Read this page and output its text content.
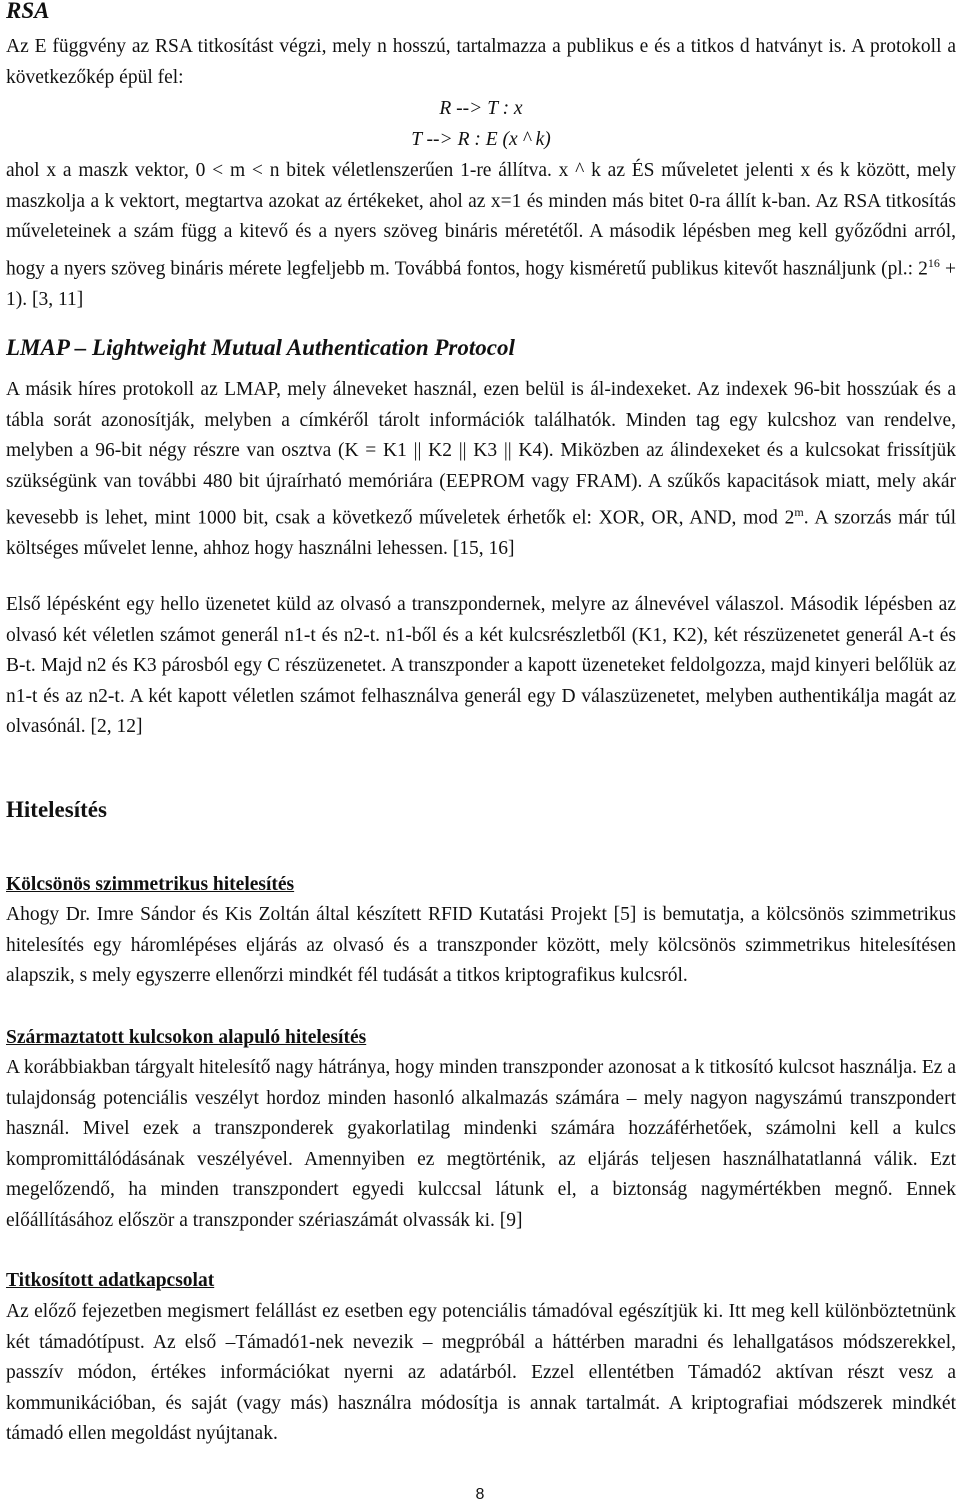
RSA

Az E függvény az RSA titkosítást végzi, mely n hosszú, tartalmazza a publikus e és a titkos d hatványt is. A protokoll a következőkép épül fel:

R --> T : x

T --> R : E (x ^ k)

ahol x a maszk vektor, 0 < m < n bitek véletlenszerűen 1-re állítva. x ^ k az ÉS műveletet jelenti x és k között, mely maszkolja a k vektort, megtartva azokat az értékeket, ahol az x=1 és minden más bitet 0-ra állít k-ban. Az RSA titkosítás műveleteinek a szám függ a kitevő és a nyers szöveg bináris méretétől. A második lépésben meg kell győződni arról, hogy a nyers szöveg bináris mérete legfeljebb m. Továbbá fontos, hogy kisméretű publikus kitevőt használjunk (pl.: $2^{16} + 1$). [3, 11]

LMAP – Lightweight Mutual Authentication Protocol

A másik híres protokoll az LMAP, mely álneveket használ, ezen belül is ál-indexeket. Az indexek 96-bit hosszúak és a tábla sorát azonosítják, melyben a címkéről tárolt információk találhatók. Minden tag egy kulcshoz van rendelve, melyben a 96-bit négy részre van osztva (K = K1 || K2 || K3 || K4). Miközben az álindexeket és a kulcsokat frissítjük szükségünk van további 480 bit újraírható memóriára (EEPROM vagy FRAM). A szűkős kapacitások miatt, mely akár kevesebb is lehet, mint 1000 bit, csak a következő műveletek érhetők el: XOR, OR, AND, mod 2$^m$. A szorzás már túl költséges művelet lenne, ahhoz hogy használni lehessen. [15, 16]

Első lépésként egy hello üzenetet küld az olvasó a transzpondernek, melyre az álnevével válaszol. Második lépésben az olvasó két véletlen számot generál n1-t és n2-t. n1-ből és a két kulcsrészletből (K1, K2), két részüzenetet generál A-t és B-t. Majd n2 és K3 párosból egy C részüzenetet. A transzponder a kapott üzeneteket feldolgozza, majd kinyeri belőlük az n1-t és az n2-t. A két kapott véletlen számot felhasználva generál egy D válaszüzenetet, melyben authentikálja magát az olvasónál. [2, 12]

Hitelesítés

Kölcsönös szimmetrikus hitelesítés

Ahogy Dr. Imre Sándor és Kis Zoltán által készített RFID Kutatási Projekt [5] is bemutatja, a kölcsönös szimmetrikus hitelesítés egy háromlépéses eljárás az olvasó és a transzponder között, mely kölcsönös szimmetrikus hitelesítésen alapszik, s mely egyszerre ellenőrzi mindkét fél tudását a titkos kriptografikus kulcsról.

Származtatott kulcsokon alapuló hitelesítés

A korábbiakban tárgyalt hitelesítő nagy hátránya, hogy minden transzponder azonosat a k titkosító kulcsot használja. Ez a tulajdonság potenciális veszélyt hordoz minden hasonló alkalmazás számára – mely nagyon nagyszámú transzpondert használ. Mivel ezek a transzponderek gyakorlatilag mindenki számára hozzáférhetőek, számolni kell a kulcs kompromittálódásának veszélyével. Amennyiben ez megtörténik, az eljárás teljesen használhatatlanná válik. Ezt megelőzendő, ha minden transzpondert egyedi kulccsal látunk el, a biztonság nagymértékben megnő. Ennek előállításához először a transzponder szériaszámát olvassák ki. [9]

Titkosított adatkapcsolat

Az előző fejezetben megismert felállást ez esetben egy potenciális támadóval egészítjük ki. Itt meg kell különböztetnünk két támadótípust. Az első –Támadó1-nek nevezik – megpróbál a háttérben maradni és lehallgatásos módszerekkel, passzív módon, értékes információkat nyerni az adatárból. Ezzel ellentétben Támadó2 aktívan részt vesz a kommunikációban, és saját (vagy más) használra módosítja is annak tartalmát. A kriptografiai módszerek mindkét támadó ellen megoldást nyújtanak.

8
